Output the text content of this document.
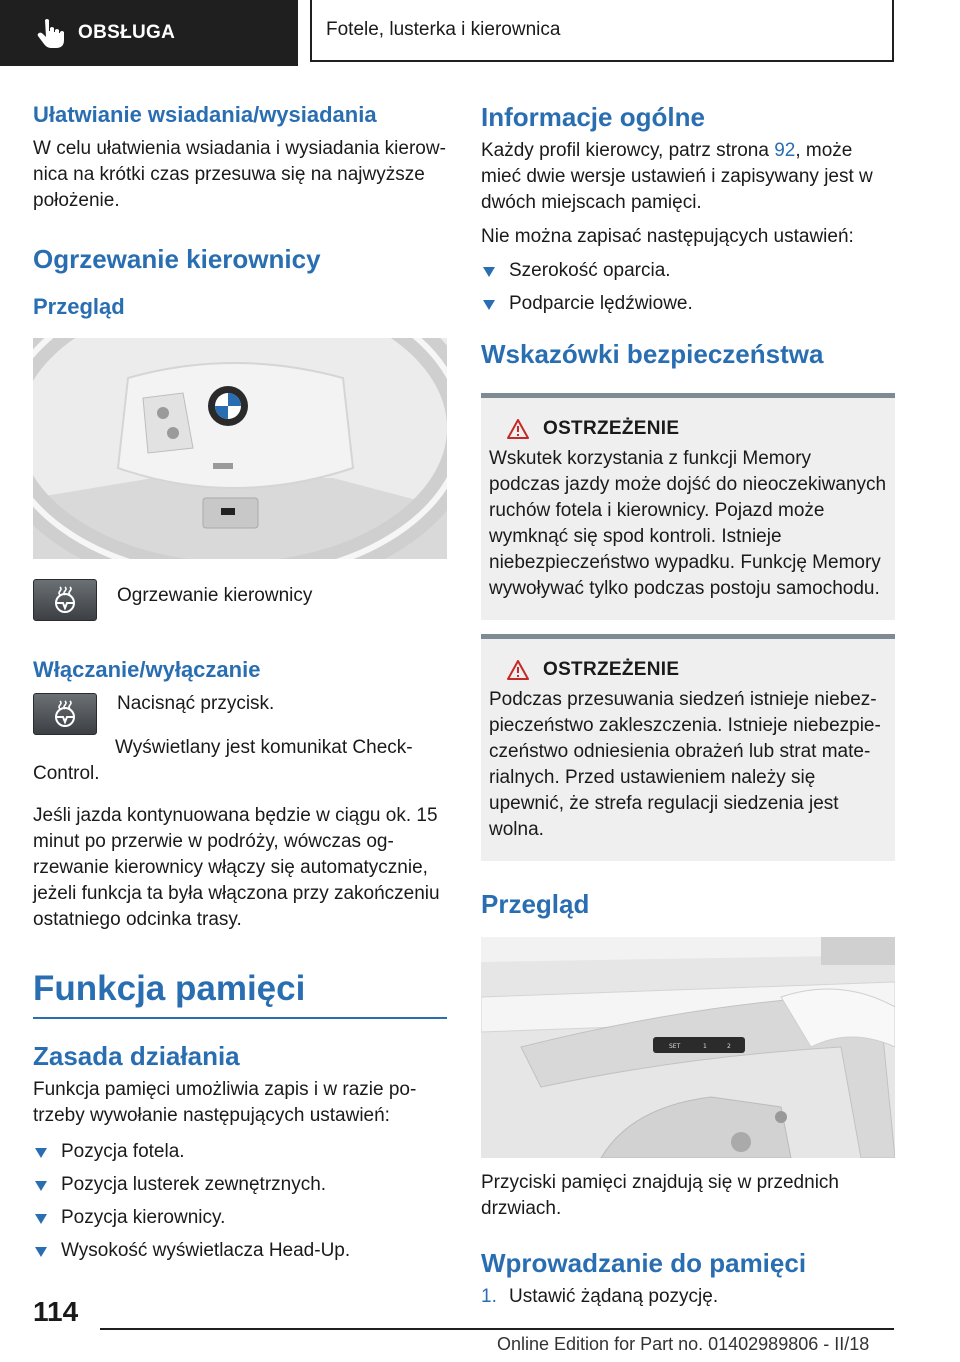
OBSŁUGA	Fotele, lusterka i kierownica
Ułatwianie wsiadania/wysiadania

W celu ułatwienia wsiadania i wysiadania kierownica na krótki czas przesuwa się na najwyższe położenie.

Ogrzewanie kierownicy
Przegląd

Ogrzewanie kierownicy

Włączanie/wyłączanie

Nacisnąć przycisk.

Wyświetlany jest komunikat Check-Control.

Jeśli jazda kontynuowana będzie w ciągu ok. 15 minut po przerwie w podróży, wówczas ogrzewanie kierownicy włączy się automatycznie, jeżeli funkcja ta była włączona przy zakończeniu ostatniego odcinka trasy.

Funkcja pamięci
Zasada działania

Funkcja pamięci umożliwia zapis i w razie potrzeby wywołanie następujących ustawień:

Pozycja fotela.
Pozycja lusterek zewnętrznych.
Pozycja kierownicy.
Wysokość wyświetlacza Head-Up.
Informacje ogólne

Każdy profil kierowcy, patrz strona 92, może mieć dwie wersje ustawień i zapisywany jest w dwóch miejscach pamięci.

Nie można zapisać następujących ustawień:

Szerokość oparcia.
Podparcie lędźwiowe.
Wskazówki bezpieczeństwa
OSTRZEŻENIE

Wskutek korzystania z funkcji Memory podczas jazdy może dojść do nieoczekiwanych ruchów fotela i kierownicy. Pojazd może wymknąć się spod kontroli. Istnieje niebezpieczeństwo wypadku. Funkcję Memory wywoływać tylko podczas postoju samochodu.

OSTRZEŻENIE

Podczas przesuwania siedzeń istnieje niebezpieczeństwo zakleszczenia. Istnieje niebezpieczeństwo odniesienia obrażeń lub strat materialnych. Przed ustawieniem należy się upewnić, że strefa regulacji siedzenia jest wolna.

Przegląd
SET	1	2

Przyciski pamięci znajdują się w przednich drzwiach.

Wprowadzanie do pamięci
1. Ustawić żądaną pozycję.
114
Online Edition for Part no. 01402989806 - II/18
